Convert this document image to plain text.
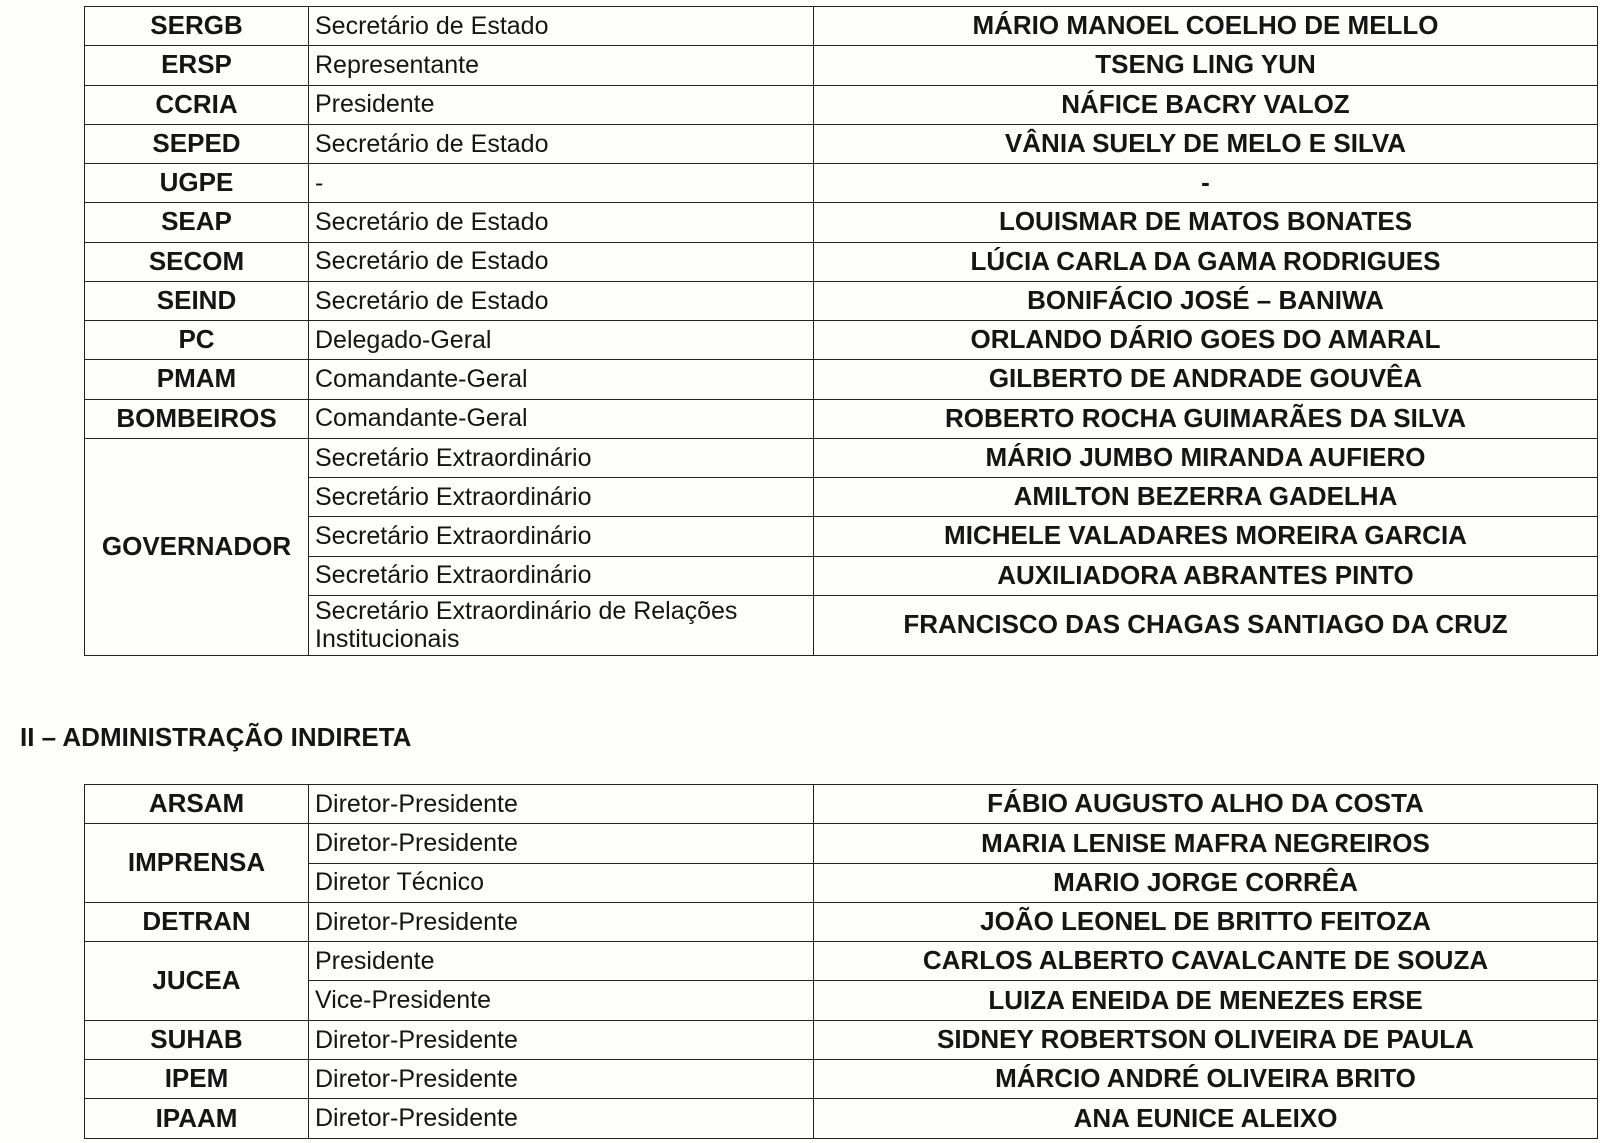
SERGB	Secretário de Estado	MÁRIO MANOEL COELHO DE MELLO
ERSP	Representante	TSENG LING YUN
CCRIA	Presidente	NÁFICE BACRY VALOZ
SEPED	Secretário de Estado	VÂNIA SUELY DE MELO E SILVA
UGPE	-	-
SEAP	Secretário de Estado	LOUISMAR DE MATOS BONATES
SECOM	Secretário de Estado	LÚCIA CARLA DA GAMA RODRIGUES
SEIND	Secretário de Estado	BONIFÁCIO JOSÉ – BANIWA
PC	Delegado-Geral	ORLANDO DÁRIO GOES DO AMARAL
PMAM	Comandante-Geral	GILBERTO DE ANDRADE GOUVÊA
BOMBEIROS	Comandante-Geral	ROBERTO ROCHA GUIMARÃES DA SILVA
GOVERNADOR	Secretário Extraordinário	MÁRIO JUMBO MIRANDA AUFIERO
	Secretário Extraordinário	AMILTON BEZERRA GADELHA
	Secretário Extraordinário	MICHELE VALADARES MOREIRA GARCIA
	Secretário Extraordinário	AUXILIADORA ABRANTES PINTO
	Secretário Extraordinário de Relações Institucionais	FRANCISCO DAS CHAGAS SANTIAGO DA CRUZ
II – ADMINISTRAÇÃO INDIRETA
ARSAM	Diretor-Presidente	FÁBIO AUGUSTO ALHO DA COSTA
IMPRENSA	Diretor-Presidente	MARIA LENISE MAFRA NEGREIROS
	Diretor Técnico	MARIO JORGE CORRÊA
DETRAN	Diretor-Presidente	JOÃO LEONEL DE BRITTO FEITOZA
JUCEA	Presidente	CARLOS ALBERTO CAVALCANTE DE SOUZA
	Vice-Presidente	LUIZA ENEIDA DE MENEZES ERSE
SUHAB	Diretor-Presidente	SIDNEY ROBERTSON OLIVEIRA DE PAULA
IPEM	Diretor-Presidente	MÁRCIO ANDRÉ OLIVEIRA BRITO
IPAAM	Diretor-Presidente	ANA EUNICE ALEIXO
